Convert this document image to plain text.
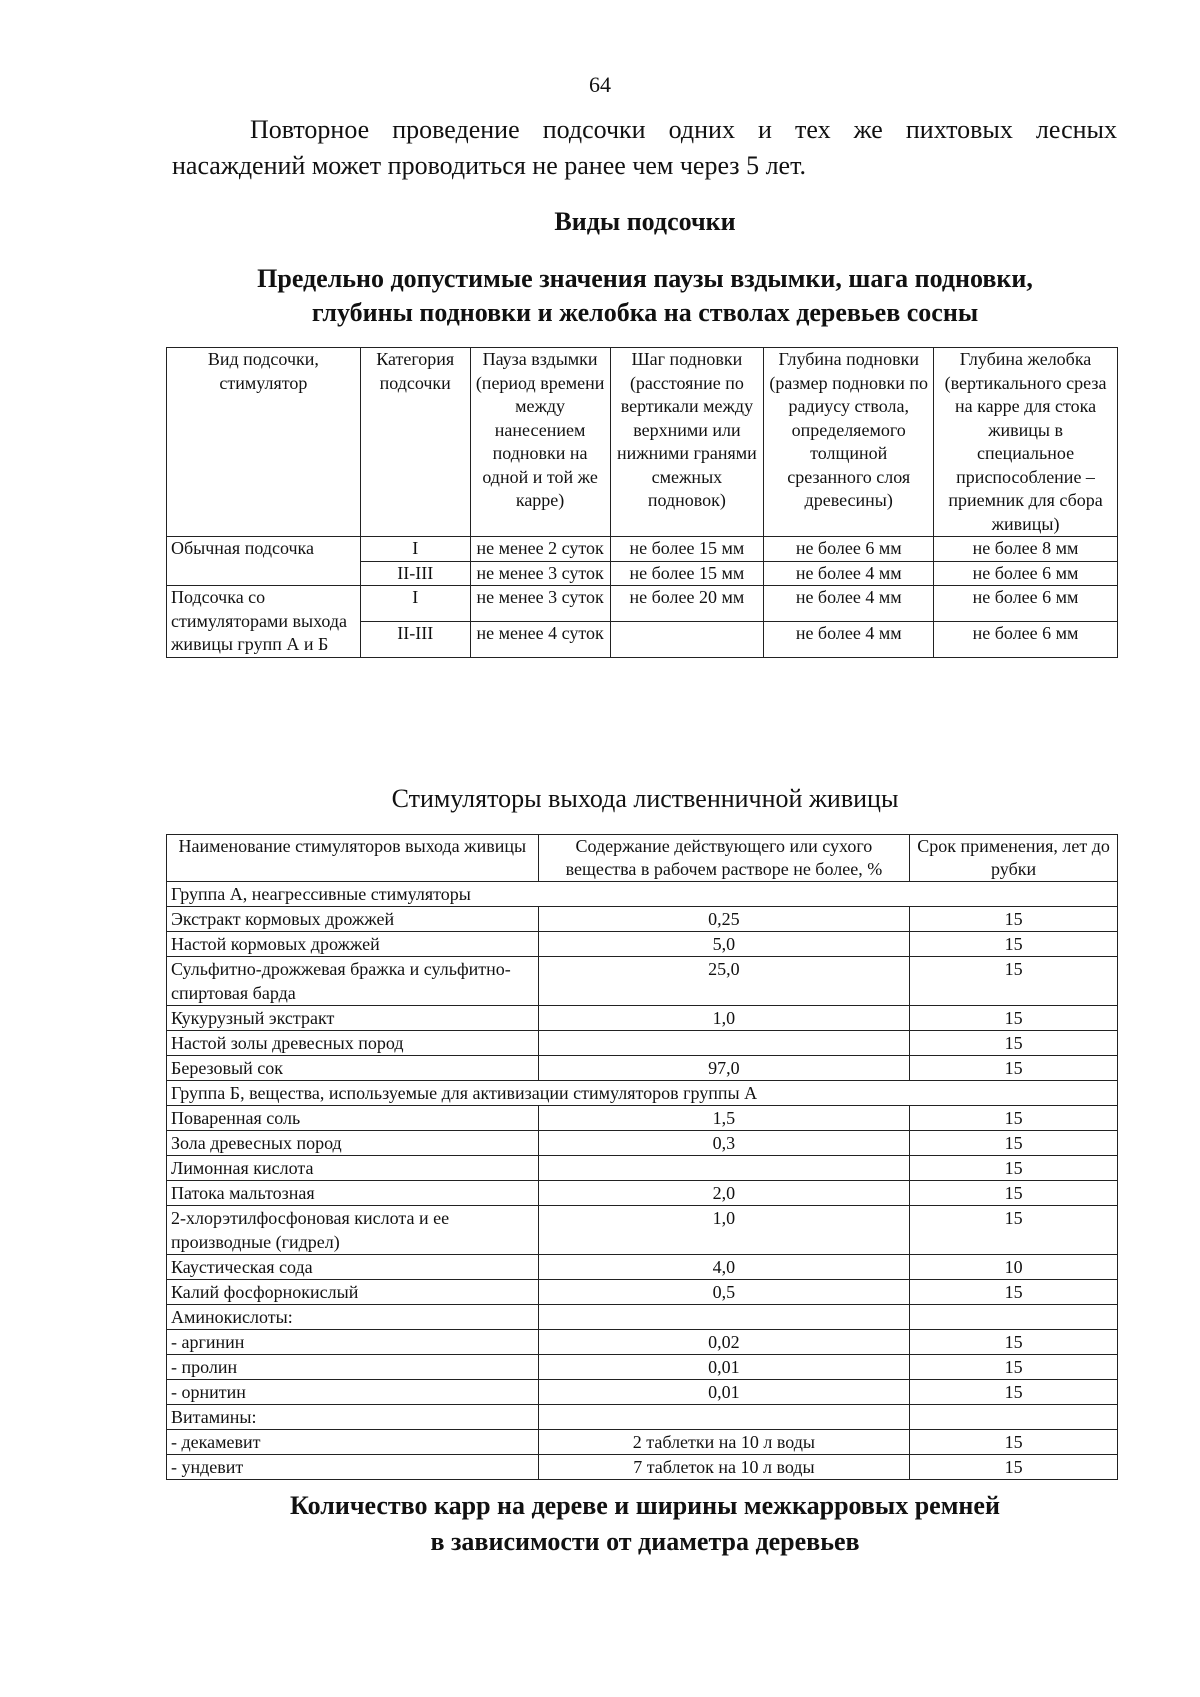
64

Повторное проведение подсочки одних и тех же пихтовых лесных насаждений может проводиться не ранее чем через 5 лет.

Виды подсочки
Предельно допустимые значения паузы вздымки, шага подновки,
глубины подновки и желобка на стволах деревьев сосны
Вид подсочки, стимулятор	Категория подсочки	Пауза вздымки (период времени между нанесением подновки на одной и той же карре)	Шаг подновки (расстояние по вертикали между верхними или нижними гранями смежных подновок)	Глубина подновки (размер подновки по радиусу ствола, определяемого толщиной срезанного слоя древесины)	Глубина желобка (вертикального среза на карре для стока живицы в специальное приспособление – приемник для сбора живицы)
Обычная подсочка	I	не менее 2 суток	не более 15 мм	не более 6 мм	не более 8 мм
	II-III	не менее 3 суток	не более 15 мм	не более 4 мм	не более 6 мм
Подсочка со стимуляторами выхода живицы групп А и Б	I	не менее 3 суток	не более 20 мм	не более 4 мм	не более 6 мм
	II-III	не менее 4 суток		не более 4 мм	не более 6 мм
Стимуляторы выхода лиственничной живицы
Наименование стимуляторов выхода живицы	Содержание действующего или сухого вещества в рабочем растворе не более, %	Срок применения, лет до рубки
Группа А, неагрессивные стимуляторы		
Экстракт кормовых дрожжей	0,25	15
Настой кормовых дрожжей	5,0	15
Сульфитно-дрожжевая бражка и сульфитно-спиртовая барда	25,0	15
Кукурузный экстракт	1,0	15
Настой золы древесных пород		15
Березовый сок	97,0	15
Группа Б, вещества, используемые для активизации стимуляторов группы А		
Поваренная соль	1,5	15
Зола древесных пород	0,3	15
Лимонная кислота		15
Патока мальтозная	2,0	15
2-хлорэтилфосфоновая кислота и ее производные (гидрел)	1,0	15
Каустическая сода	4,0	10
Калий фосфорнокислый	0,5	15
Аминокислоты:		
- аргинин	0,02	15
- пролин	0,01	15
- орнитин	0,01	15
Витамины:		
- декамевит	2 таблетки на 10 л воды	15
- ундевит	7 таблеток на 10 л воды	15
Количество карр на дереве и ширины межкарровых ремней
в зависимости от диаметра деревьев
